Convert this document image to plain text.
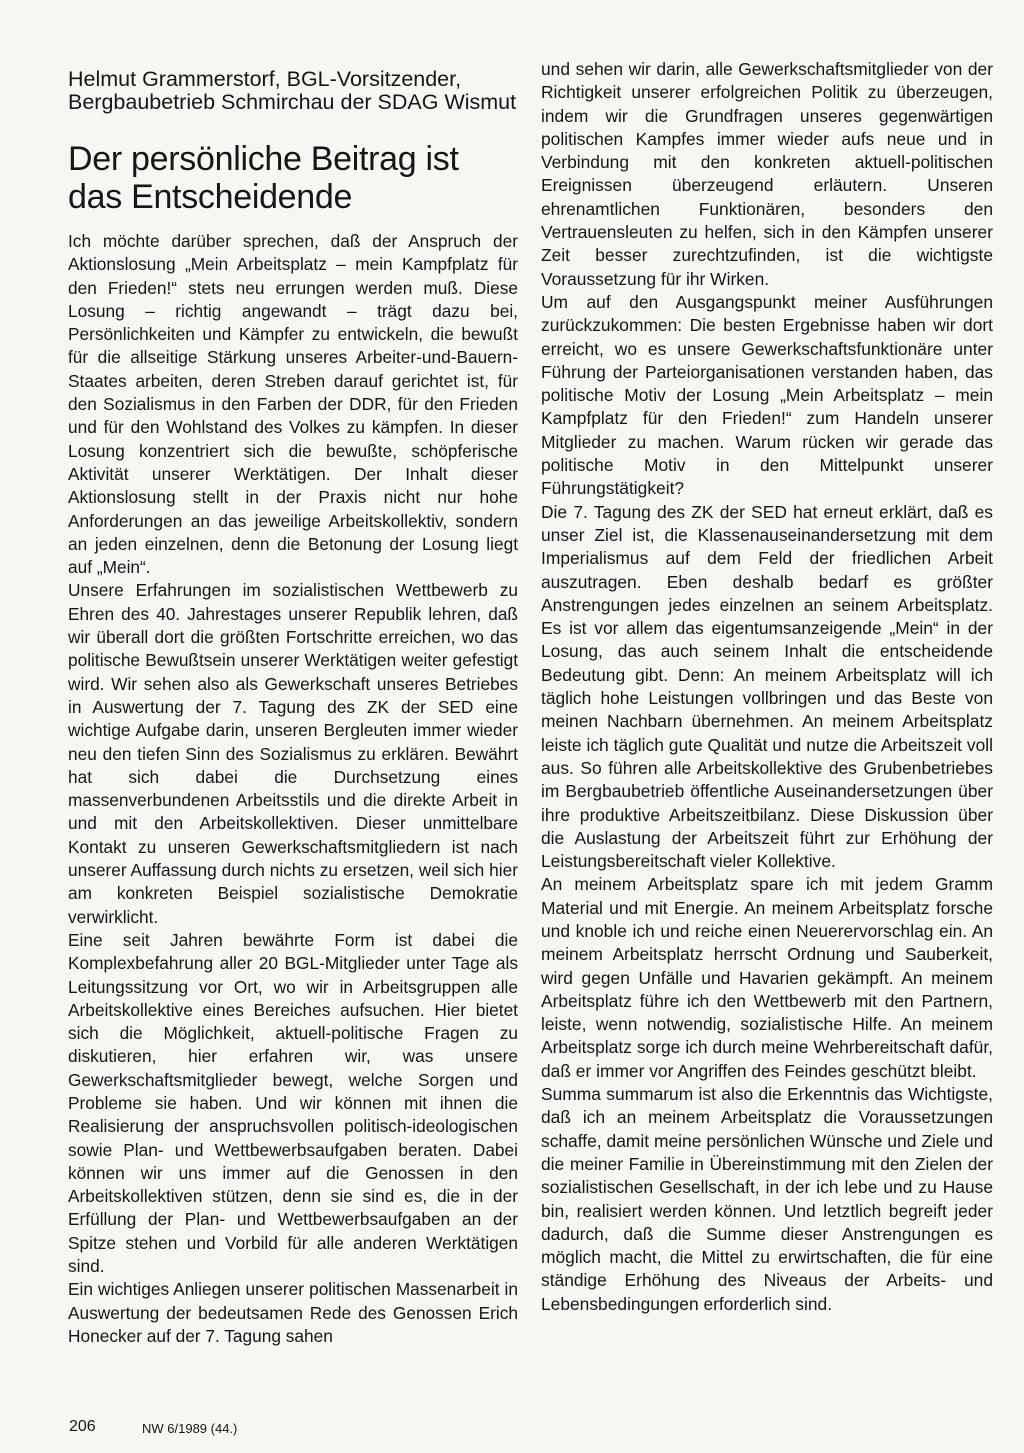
Helmut Grammerstorf, BGL-Vorsitzender, Bergbaubetrieb Schmirchau der SDAG Wismut
Der persönliche Beitrag ist das Entscheidende

Ich möchte darüber sprechen, daß der Anspruch der Aktionslosung „Mein Arbeitsplatz – mein Kampfplatz für den Frieden!“ stets neu errungen werden muß. Diese Losung – richtig angewandt – trägt dazu bei, Persönlichkeiten und Kämpfer zu entwickeln, die bewußt für die allseitige Stärkung unseres Arbeiter-und-Bauern-Staates arbeiten, deren Streben darauf gerichtet ist, für den Sozialismus in den Farben der DDR, für den Frieden und für den Wohlstand des Volkes zu kämpfen. In dieser Losung konzentriert sich die bewußte, schöpferische Aktivität unserer Werktätigen. Der Inhalt dieser Aktionslosung stellt in der Praxis nicht nur hohe Anforderungen an das jeweilige Arbeitskollektiv, sondern an jeden einzelnen, denn die Betonung der Losung liegt auf „Mein“.

Unsere Erfahrungen im sozialistischen Wettbewerb zu Ehren des 40. Jahrestages unserer Republik lehren, daß wir überall dort die größten Fortschritte erreichen, wo das politische Bewußtsein unserer Werktätigen weiter gefestigt wird. Wir sehen also als Gewerkschaft unseres Betriebes in Auswertung der 7. Tagung des ZK der SED eine wichtige Aufgabe darin, unseren Bergleuten immer wieder neu den tiefen Sinn des Sozialismus zu erklären. Bewährt hat sich dabei die Durchsetzung eines massenverbundenen Arbeitsstils und die direkte Arbeit in und mit den Arbeitskollektiven. Dieser unmittelbare Kontakt zu unseren Gewerkschaftsmitgliedern ist nach unserer Auffassung durch nichts zu ersetzen, weil sich hier am konkreten Beispiel sozialistische Demokratie verwirklicht.

Eine seit Jahren bewährte Form ist dabei die Komplexbefahrung aller 20 BGL-Mitglieder unter Tage als Leitungssitzung vor Ort, wo wir in Arbeitsgruppen alle Arbeitskollektive eines Bereiches aufsuchen. Hier bietet sich die Möglichkeit, aktuell-politische Fragen zu diskutieren, hier erfahren wir, was unsere Gewerkschaftsmitglieder bewegt, welche Sorgen und Probleme sie haben. Und wir können mit ihnen die Realisierung der anspruchsvollen politisch-ideologischen sowie Plan- und Wettbewerbsaufgaben beraten. Dabei können wir uns immer auf die Genossen in den Arbeitskollektiven stützen, denn sie sind es, die in der Erfüllung der Plan- und Wettbewerbsaufgaben an der Spitze stehen und Vorbild für alle anderen Werktätigen sind.

Ein wichtiges Anliegen unserer politischen Massenarbeit in Auswertung der bedeutsamen Rede des Genossen Erich Honecker auf der 7. Tagung sahen

und sehen wir darin, alle Gewerkschaftsmitglieder von der Richtigkeit unserer erfolgreichen Politik zu überzeugen, indem wir die Grundfragen unseres gegenwärtigen politischen Kampfes immer wieder aufs neue und in Verbindung mit den konkreten aktuell-politischen Ereignissen überzeugend erläutern. Unseren ehrenamtlichen Funktionären, besonders den Vertrauensleuten zu helfen, sich in den Kämpfen unserer Zeit besser zurechtzufinden, ist die wichtigste Voraussetzung für ihr Wirken.

Um auf den Ausgangspunkt meiner Ausführungen zurückzukommen: Die besten Ergebnisse haben wir dort erreicht, wo es unsere Gewerkschaftsfunktionäre unter Führung der Parteiorganisationen verstanden haben, das politische Motiv der Losung „Mein Arbeitsplatz – mein Kampfplatz für den Frieden!“ zum Handeln unserer Mitglieder zu machen. Warum rücken wir gerade das politische Motiv in den Mittelpunkt unserer Führungstätigkeit?

Die 7. Tagung des ZK der SED hat erneut erklärt, daß es unser Ziel ist, die Klassenauseinandersetzung mit dem Imperialismus auf dem Feld der friedlichen Arbeit auszutragen. Eben deshalb bedarf es größter Anstrengungen jedes einzelnen an seinem Arbeitsplatz. Es ist vor allem das eigentumsanzeigende „Mein“ in der Losung, das auch seinem Inhalt die entscheidende Bedeutung gibt. Denn: An meinem Arbeitsplatz will ich täglich hohe Leistungen vollbringen und das Beste von meinen Nachbarn übernehmen. An meinem Arbeitsplatz leiste ich täglich gute Qualität und nutze die Arbeitszeit voll aus. So führen alle Arbeitskollektive des Grubenbetriebes im Bergbaubetrieb öffentliche Auseinandersetzungen über ihre produktive Arbeitszeitbilanz. Diese Diskussion über die Auslastung der Arbeitszeit führt zur Erhöhung der Leistungsbereitschaft vieler Kollektive.

An meinem Arbeitsplatz spare ich mit jedem Gramm Material und mit Energie. An meinem Arbeitsplatz forsche und knoble ich und reiche einen Neuerervorschlag ein. An meinem Arbeitsplatz herrscht Ordnung und Sauberkeit, wird gegen Unfälle und Havarien gekämpft. An meinem Arbeitsplatz führe ich den Wettbewerb mit den Partnern, leiste, wenn notwendig, sozialistische Hilfe. An meinem Arbeitsplatz sorge ich durch meine Wehrbereitschaft dafür, daß er immer vor Angriffen des Feindes geschützt bleibt.

Summa summarum ist also die Erkenntnis das Wichtigste, daß ich an meinem Arbeitsplatz die Voraussetzungen schaffe, damit meine persönlichen Wünsche und Ziele und die meiner Familie in Übereinstimmung mit den Zielen der sozialistischen Gesellschaft, in der ich lebe und zu Hause bin, realisiert werden können. Und letztlich begreift jeder dadurch, daß die Summe dieser Anstrengungen es möglich macht, die Mittel zu erwirtschaften, die für eine ständige Erhöhung des Niveaus der Arbeits- und Lebensbedingungen erforderlich sind.

206	NW 6/1989 (44.)
